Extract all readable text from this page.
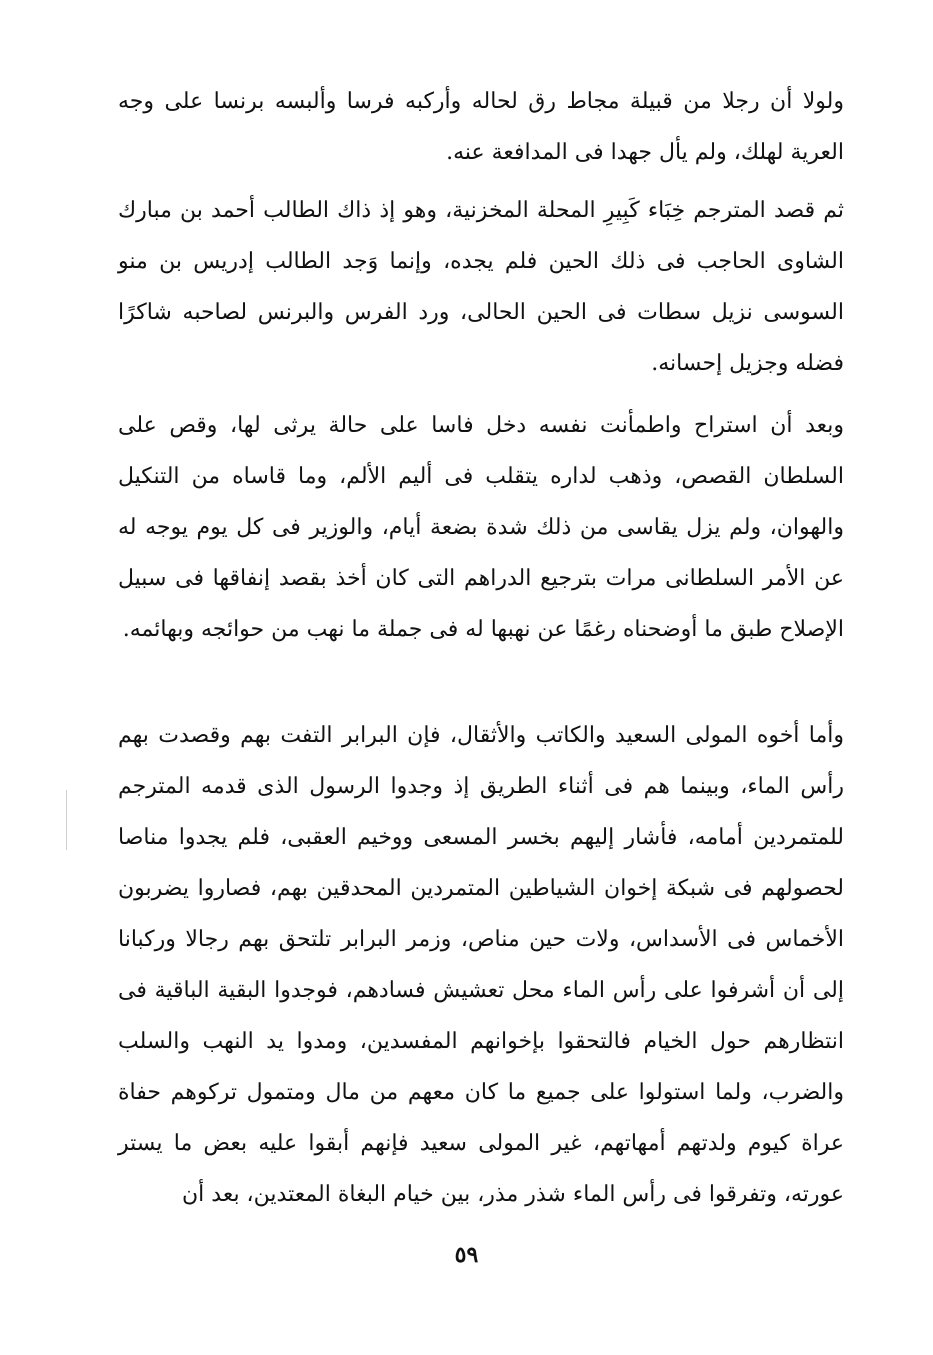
ولولا أن رجلا من قبيلة مجاط رق لحاله وأركبه فرسا وألبسه برنسا على وجه العرية لهلك، ولم يأل جهدا فى المدافعة عنه.

ثم قصد المترجم خِبَاء كَبِيرِ المحلة المخزنية، وهو إذ ذاك الطالب أحمد بن مبارك الشاوى الحاجب فى ذلك الحين فلم يجده، وإنما وَجد الطالب إدريس بن منو السوسى نزيل سطات فى الحين الحالى، ورد الفرس والبرنس لصاحبه شاكرًا فضله وجزيل إحسانه.

وبعد أن استراح واطمأنت نفسه دخل فاسا على حالة يرثى لها، وقص على السلطان القصص، وذهب لداره يتقلب فى أليم الألم، وما قاساه من التنكيل والهوان، ولم يزل يقاسى من ذلك شدة بضعة أيام، والوزير فى كل يوم يوجه له عن الأمر السلطانى مرات بترجيع الدراهم التى كان أخذ بقصد إنفاقها فى سبيل الإصلاح طبق ما أوضحناه رغمًا عن نهبها له فى جملة ما نهب من حوائجه وبهائمه.

وأما أخوه المولى السعيد والكاتب والأثقال، فإن البرابر التفت بهم وقصدت بهم رأس الماء، وبينما هم فى أثناء الطريق إذ وجدوا الرسول الذى قدمه المترجم للمتمردين أمامه، فأشار إليهم بخسر المسعى ووخيم العقبى، فلم يجدوا مناصا لحصولهم فى شبكة إخوان الشياطين المتمردين المحدقين بهم، فصاروا يضربون الأخماس فى الأسداس، ولات حين مناص، وزمر البرابر تلتحق بهم رجالا وركبانا إلى أن أشرفوا على رأس الماء محل تعشيش فسادهم، فوجدوا البقية الباقية فى انتظارهم حول الخيام فالتحقوا بإخوانهم المفسدين، ومدوا يد النهب والسلب والضرب، ولما استولوا على جميع ما كان معهم من مال ومتمول تركوهم حفاة عراة كيوم ولدتهم أمهاتهم، غير المولى سعيد فإنهم أبقوا عليه بعض ما يستر عورته، وتفرقوا فى رأس الماء شذر مذر، بين خيام البغاة المعتدين، بعد أن

٥٩
